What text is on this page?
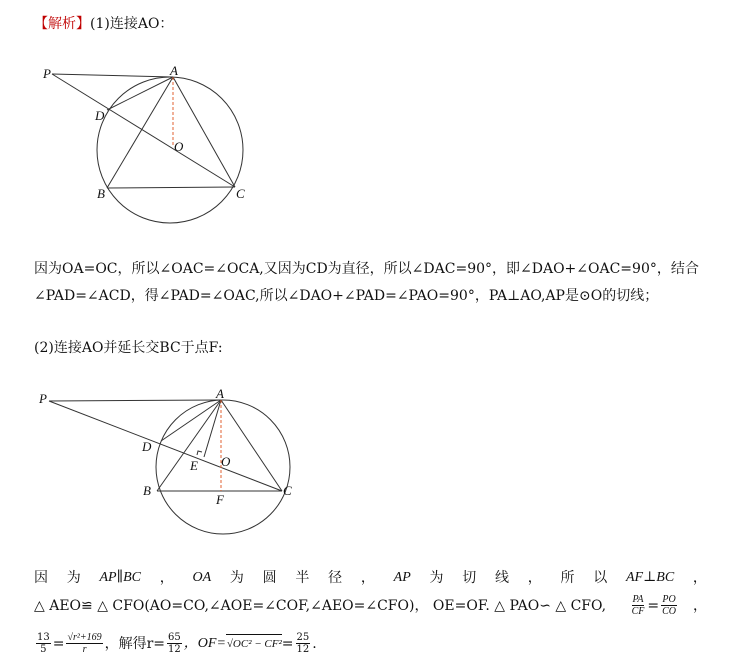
【解析】(1)连接AO：
P	A
D
O
B	C
因为OA=OC，所以∠OAC=∠OCA,又因为CD为直径，所以∠DAC=90°，即∠DAO+∠OAC=90°，结合
∠PAD=∠ACD，得∠PAD=∠OAC,所以∠DAO+∠PAD=∠PAO=90°，PA⊥AO,AP是⊙O的切线；
(2)连接AO并延长交BC于点F:
P	A
D
E O
B
F
C
因 为 AP∥BC ， OA 为 圆 半 径 ， AP 为 切 线 ， 所 以 AF⊥BC ，
△ AEO≌ △ CFO(AO=CO,∠AOE=∠COF,∠AEO=∠CFO)， OE=OF. △ PAO∽ △ CFO, $\frac{PA}{CF} = \frac{PO}{CO}$ ，
$\frac{13}{5} = \frac{\text{√r²+169}}{r}$ ，解得$r= \frac{65}{12}$ ，$OF= √OC^2 - CF^2 = \frac{25}{12}$ .
